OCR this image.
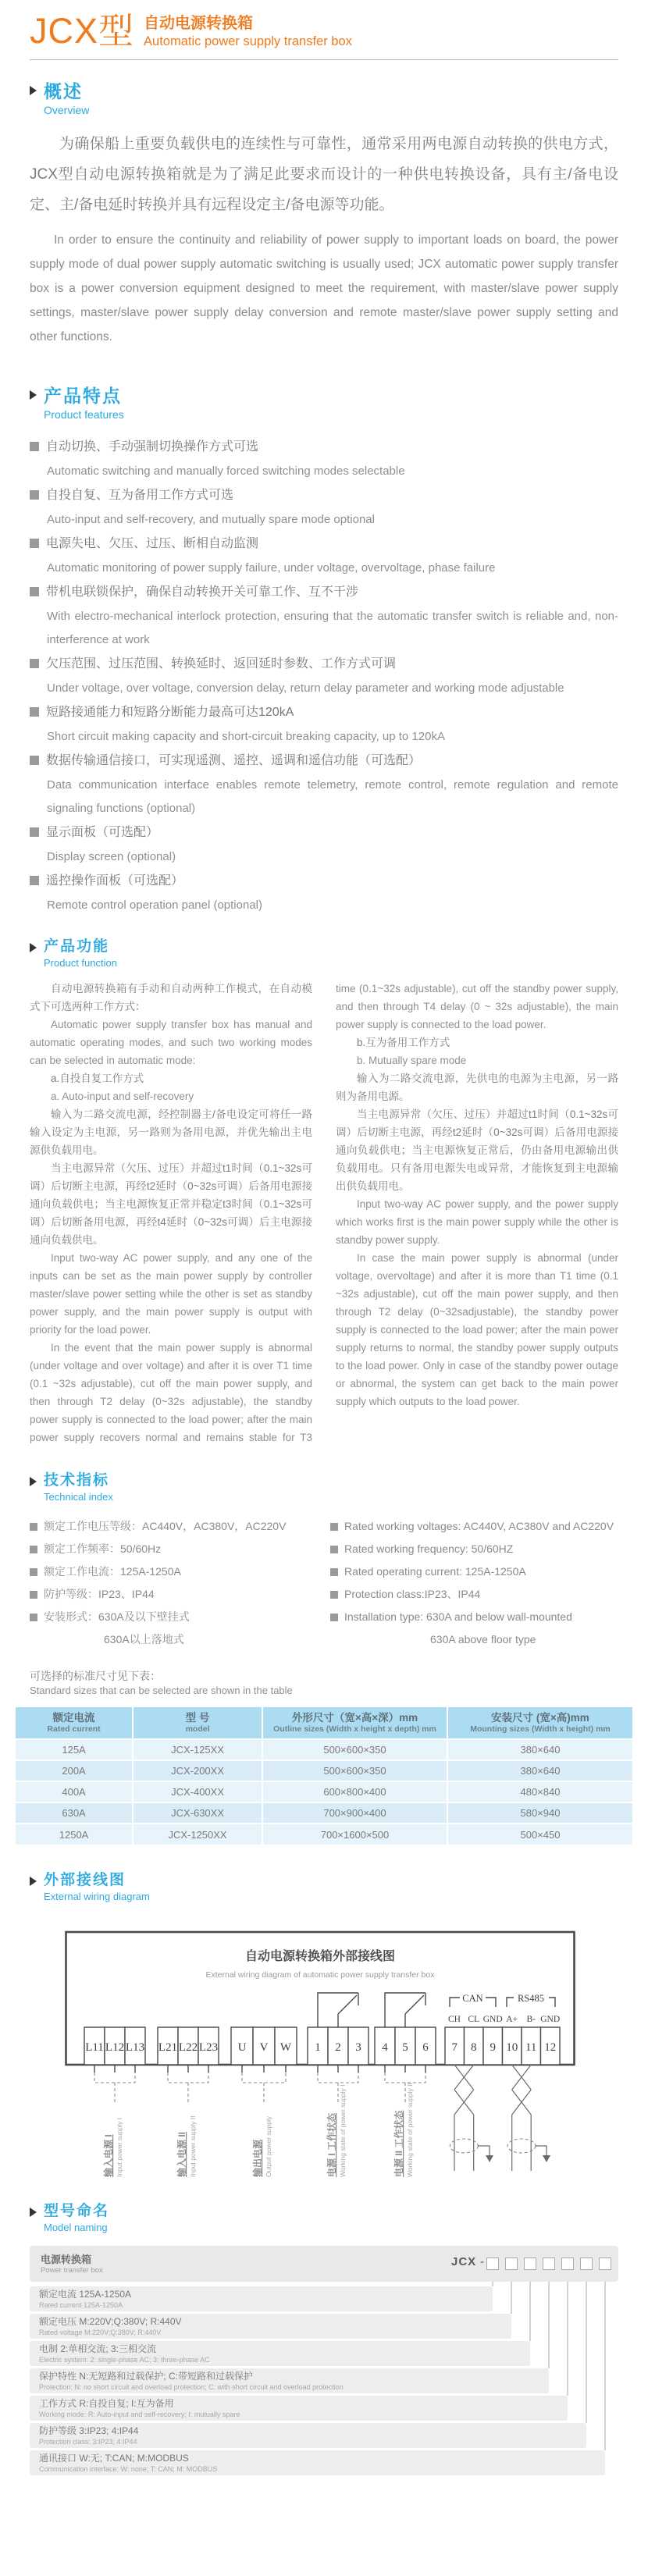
JCX型 自动电源转换箱
Automatic power supply transfer box
概述
Overview

为确保船上重要负载供电的连续性与可靠性，通常采用两电源自动转换的供电方式，JCX型自动电源转换箱就是为了满足此要求而设计的一种供电转换设备，具有主/备电设定、主/备电延时转换并具有远程设定主/备电源等功能。

In order to ensure the continuity and reliability of power supply to important loads on board, the power supply mode of dual power supply automatic switching is usually used; JCX automatic power supply transfer box is a power conversion equipment designed to meet the requirement, with master/slave power supply settings, master/slave power supply delay conversion and remote master/slave power supply setting and other functions.

产品特点
Product features
自动切换、手动强制切换操作方式可选
Automatic switching and manually forced switching modes selectable
自投自复、互为备用工作方式可选
Auto-input and self-recovery, and mutually spare mode optional
电源失电、欠压、过压、断相自动监测
Automatic monitoring of power supply failure, under voltage, overvoltage, phase failure
带机电联锁保护，确保自动转换开关可靠工作、互不干涉
With electro-mechanical interlock protection, ensuring that the automatic transfer switch is reliable and, non-interference at work
欠压范围、过压范围、转换延时、返回延时参数、工作方式可调
Under voltage, over voltage, conversion delay, return delay parameter and working mode adjustable
短路接通能力和短路分断能力最高可达120kA
Short circuit making capacity and short-circuit breaking capacity, up to 120kA
数据传输通信接口，可实现遥测、遥控、遥调和遥信功能（可选配）
Data communication interface enables remote telemetry, remote control, remote regulation and remote signaling functions (optional)
显示面板（可选配）
Display screen (optional)
遥控操作面板（可选配）
Remote control operation panel (optional)
产品功能
Product function

自动电源转换箱有手动和自动两种工作模式，在自动模式下可选两种工作方式：

Automatic power supply transfer box has manual and automatic operating modes, and such two working modes can be selected in automatic mode:

a.自投自复工作方式

a. Auto-input and self-recovery

输入为二路交流电源，经控制器主/备电设定可将任一路输入设定为主电源，另一路则为备用电源，并优先输出主电源供负载用电。

当主电源异常（欠压、过压）并超过t1时间（0.1~32s可调）后切断主电源，再经t2延时（0~32s可调）后备用电源接通向负载供电；当主电源恢复正常并稳定t3时间（0.1~32s可调）后切断备用电源，再经t4延时（0~32s可调）后主电源接通向负载供电。

Input two-way AC power supply, and any one of the inputs can be set as the main power supply by controller master/slave power setting while the other is set as standby power supply, and the main power supply is output with priority for the load power.

In the event that the main power supply is abnormal (under voltage and over voltage) and after it is over T1 time (0.1 ~32s adjustable), cut off the main power supply, and then through T2 delay (0~32s adjustable), the standby power supply is connected to the load power; after the main power supply recovers normal and remains stable for T3 time (0.1~32s adjustable), cut off the standby power supply, and then through T4 delay (0 ~ 32s adjustable), the main power supply is connected to the load power.

b.互为备用工作方式

b. Mutually spare mode

输入为二路交流电源，先供电的电源为主电源，另一路则为备用电源。

当主电源异常（欠压、过压）并超过t1时间（0.1~32s可调）后切断主电源，再经t2延时（0~32s可调）后备用电源接通向负载供电；当主电源恢复正常后，仍由备用电源输出供负载用电。只有备用电源失电或异常，才能恢复到主电源输出供负载用电。

Input two-way AC power supply, and the power supply which works first is the main power supply while the other is standby power supply.

In case the main power supply is abnormal (under voltage, overvoltage) and after it is more than T1 time (0.1 ~32s adjustable), cut off the main power supply, and then through T2 delay (0~32sadjustable), the standby power supply is connected to the load power; after the main power supply returns to normal, the standby power supply outputs to the load power. Only in case of the standby power outage or abnormal, the system can get back to the main power supply which outputs to the load power.

技术指标
Technical index
额定工作电压等级：AC440V，AC380V，AC220V
额定工作频率：50/60Hz
额定工作电流：125A-1250A
防护等级：IP23、IP44
安装形式：630A及以下壁挂式
630A以上落地式
Rated working voltages: AC440V, AC380V and AC220V
Rated working frequency: 50/60HZ
Rated operating current: 125A-1250A
Protection class:IP23、IP44
Installation type: 630A and below wall-mounted
630A above floor type
可选择的标准尺寸见下表：
Standard sizes that can be selected are shown in the table
额定电流
Rated current

型 号
model

外形尺寸（宽×高×深）mm
Outline sizes (Width x height x depth) mm

安装尺寸 (宽×高)mm
Mounting sizes (Width x height) mm

125A	JCX-125XX	500×600×350	380×640
200A	JCX-200XX	500×600×350	380×640
400A	JCX-400XX	600×800×400	480×840
630A	JCX-630XX	700×900×400	580×940
1250A	JCX-1250XX	700×1600×500	500×450
外部接线图
External wiring diagram
自动电源转换箱外部接线图
External wiring diagram of automatic power supply transfer box
CAN	RS485
CH CL GND A+ B- GND
L11 L12 L13 L21 L22 L23 U V W 1 2 3 4 5 6 7 8 9 10 11 12
输入电源 I Input power supply I	输入电源 II Input power supply II	输出电源 Output power supply	电源 I 工作状态 Working state of power supply I	电源 II 工作状态 Working state of power supply II
型号命名
Model naming
电源转换箱
Power transfer box
JCX -
额定电流 125A-1250A
Rated current 125A-1250A
额定电压 M:220V;Q:380V; R:440V
Rated voltage M:220V;Q:380V; R:440V
电制 2:单相交流; 3:三相交流
Electric system: 2: single-phase AC; 3: three-phase AC
保护特性 N:无短路和过载保护; C:带短路和过载保护
Protection: N: no short circuit and overload protection; C: with short circuit and overload protection
工作方式 R:自投自复; I:互为备用
Working mode: R: Auto-input and self-recovery; I: mutually spare
防护等级 3:IP23; 4:IP44
Protection class: 3:IP23; 4:IP44
通讯接口 W:无; T:CAN; M:MODBUS
Communication interface: W: none; T: CAN; M: MODBUS
